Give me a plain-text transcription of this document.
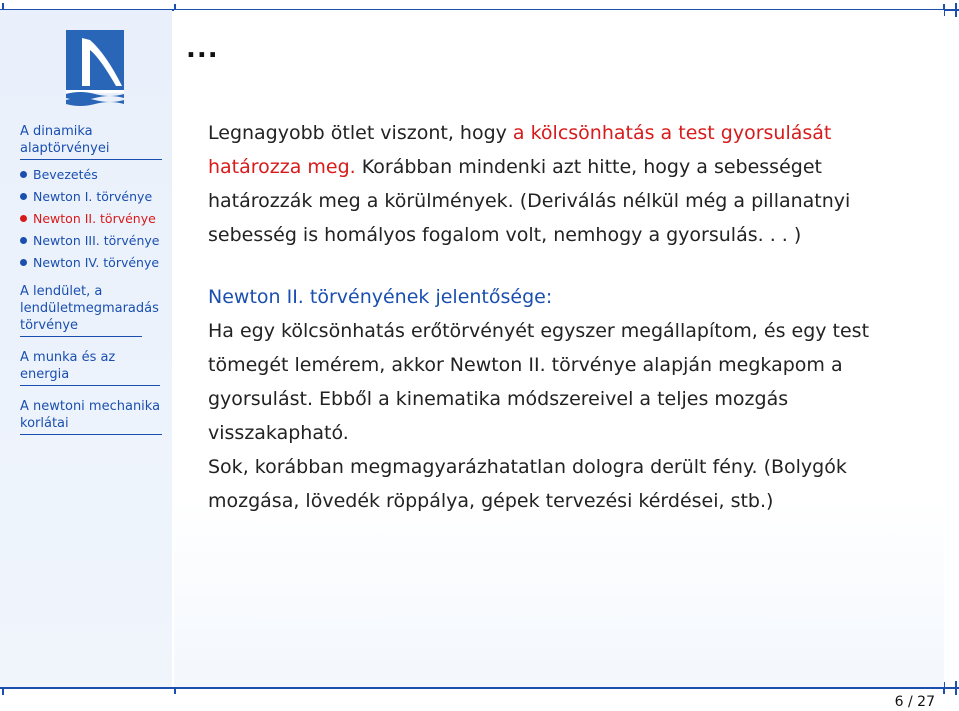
A dinamika alaptörvényei
Bevezetés
Newton I. törvénye
Newton II. törvénye
Newton III. törvénye
Newton IV. törvénye
A lendület, a lendületmegmaradás törvénye
A munka és az energia
A newtoni mechanika korlátai
...

Legnagyobb ötlet viszont, hogy a kölcsönhatás a test gyorsulását határozza meg. Korábban mindenki azt hitte, hogy a sebességet határozzák meg a körülmények. (Deriválás nélkül még a pillanatnyi sebesség is homályos fogalom volt, nemhogy a gyorsulás. . . )

Newton II. törvényének jelentősége:

Ha egy kölcsönhatás erőtörvényét egyszer megállapítom, és egy test tömegét lemérem, akkor Newton II. törvénye alapján megkapom a gyorsulást. Ebből a kinematika módszereivel a teljes mozgás visszakapható.

Sok, korábban megmagyarázhatatlan dologra derült fény. (Bolygók mozgása, lövedék röppálya, gépek tervezési kérdései, stb.)

6 / 27
